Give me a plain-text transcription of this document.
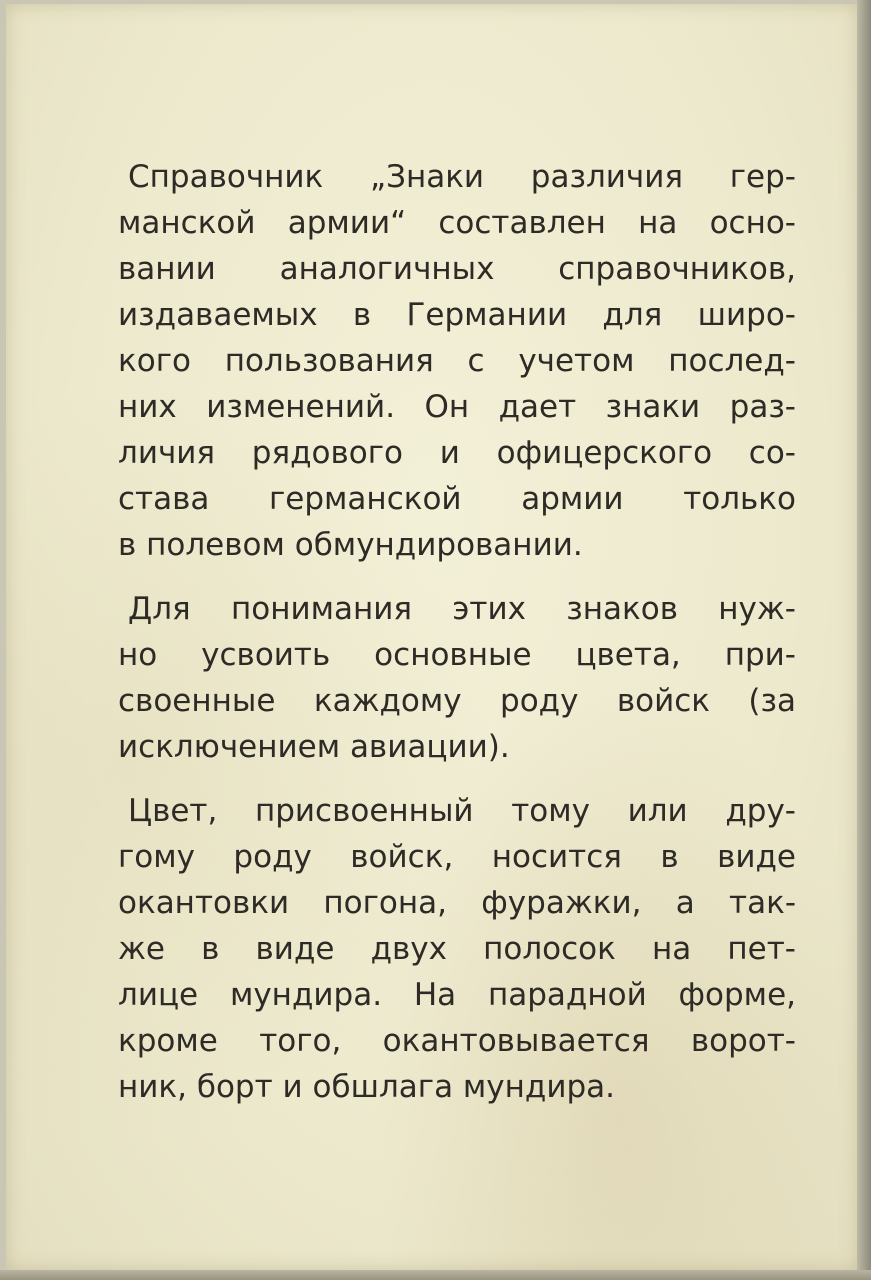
Справочник „Знаки различия гер-
манской армии“ составлен на осно-
вании аналогичных справочников,
издаваемых в Германии для широ-
кого пользования с учетом послед-
них изменений. Он дает знаки раз-
личия рядового и офицерского со-
става германской армии только
в полевом обмундировании.

Для понимания этих знаков нуж-
но усвоить основные цвета, при-
своенные каждому роду войск (за
исключением авиации).

Цвет, присвоенный тому или дру-
гому роду войск, носится в виде
окантовки погона, фуражки, а так-
же в виде двух полосок на пет-
лице мундира. На парадной форме,
кроме того, окантовывается ворот-
ник, борт и обшлага мундира.
